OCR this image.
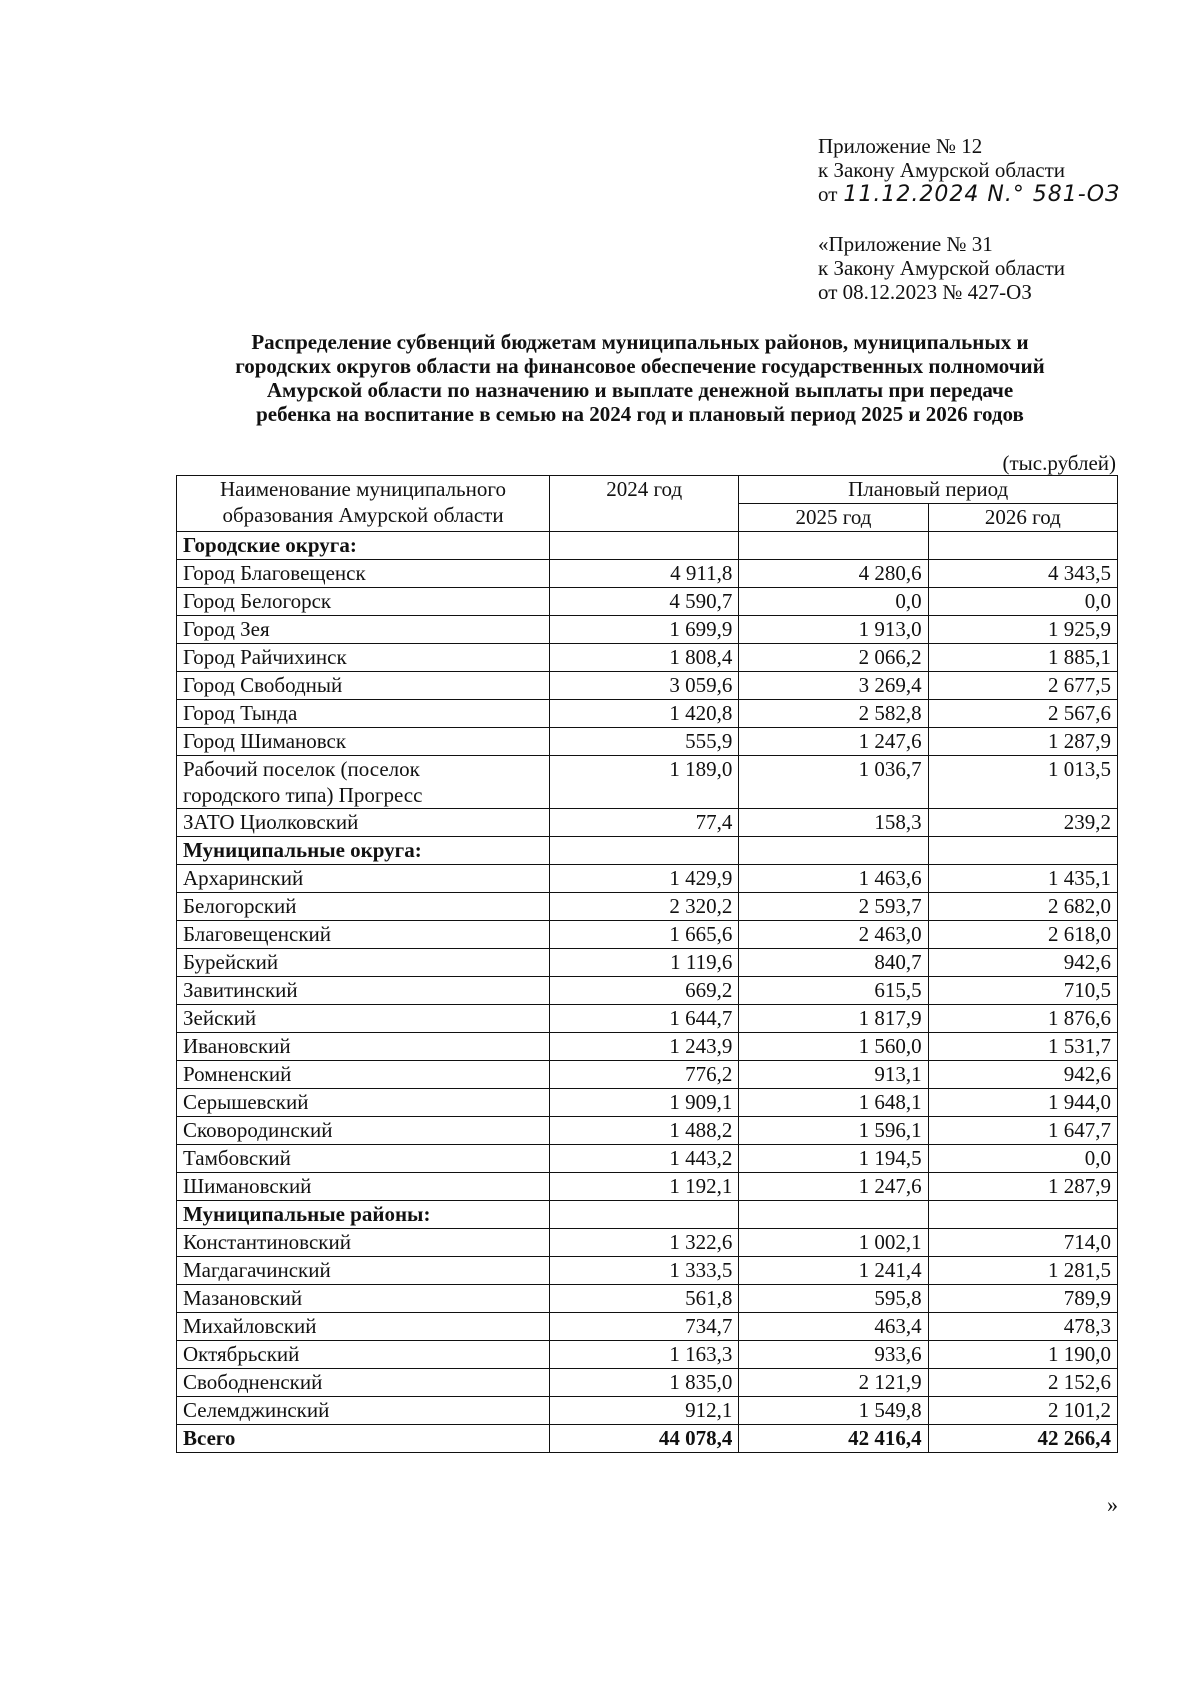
Приложение № 12
к Закону Амурской области
от 11.12.2024 N.° 581-ОЗ
«Приложение № 31
к Закону Амурской области
от 08.12.2023 № 427-ОЗ
Распределение субвенций бюджетам муниципальных районов, муниципальных и
городских округов области на финансовое обеспечение государственных полномочий
Амурской области по назначению и выплате денежной выплаты при передаче
ребенка на воспитание в семью на 2024 год и плановый период 2025 и 2026 годов
(тыс.рублей)
Наименование муниципального
образования Амурской области	2024 год	Плановый период	
		2025 год	2026 год
Городские округа:			
Город Благовещенск	4 911,8	4 280,6	4 343,5
Город Белогорск	4 590,7	0,0	0,0
Город Зея	1 699,9	1 913,0	1 925,9
Город Райчихинск	1 808,4	2 066,2	1 885,1
Город Свободный	3 059,6	3 269,4	2 677,5
Город Тында	1 420,8	2 582,8	2 567,6
Город Шимановск	555,9	1 247,6	1 287,9

Рабочий поселок (поселок
городского типа) Прогресс	1 189,0	1 036,7	1 013,5
ЗАТО Циолковский	77,4	158,3	239,2
Муниципальные округа:			
Архаринский	1 429,9	1 463,6	1 435,1
Белогорский	2 320,2	2 593,7	2 682,0
Благовещенский	1 665,6	2 463,0	2 618,0
Бурейский	1 119,6	840,7	942,6
Завитинский	669,2	615,5	710,5
Зейский	1 644,7	1 817,9	1 876,6
Ивановский	1 243,9	1 560,0	1 531,7
Ромненский	776,2	913,1	942,6
Серышевский	1 909,1	1 648,1	1 944,0
Сковородинский	1 488,2	1 596,1	1 647,7
Тамбовский	1 443,2	1 194,5	0,0
Шимановский	1 192,1	1 247,6	1 287,9
Муниципальные районы:			
Константиновский	1 322,6	1 002,1	714,0
Магдагачинский	1 333,5	1 241,4	1 281,5
Мазановский	561,8	595,8	789,9
Михайловский	734,7	463,4	478,3
Октябрьский	1 163,3	933,6	1 190,0
Свободненский	1 835,0	2 121,9	2 152,6
Селемджинский	912,1	1 549,8	2 101,2
Всего	44 078,4	42 416,4	42 266,4
»
